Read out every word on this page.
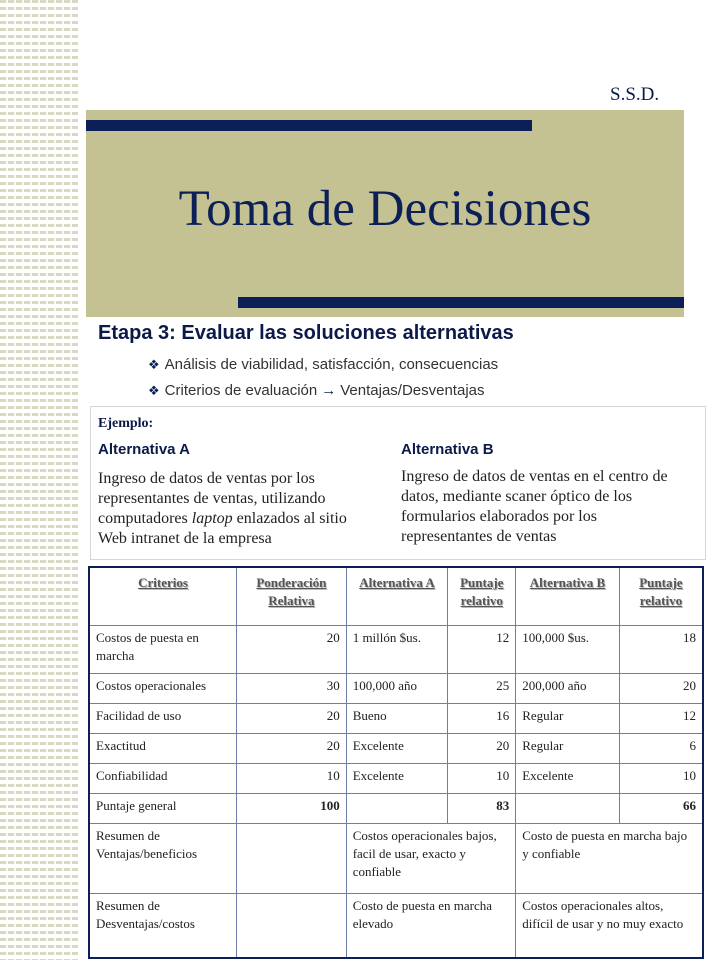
S.S.D.
Toma de Decisiones
Etapa 3: Evaluar las soluciones alternativas
❖ Análisis de viabilidad, satisfacción, consecuencias
❖ Criterios de evaluación → Ventajas/Desventajas
Ejemplo:
Alternativa A
Ingreso de datos de ventas por los representantes de ventas, utilizando computadores laptop enlazados al sitio Web intranet de la empresa
Alternativa B
Ingreso de datos de ventas en el centro de datos, mediante scaner óptico de los formularios elaborados por los representantes de ventas
Criterios	Ponderación Relativa	Alternativa A	Puntaje relativo	Alternativa B	Puntaje relativo
Costos de puesta en marcha	20	1 millón $us.	12	100,000 $us.	18
Costos operacionales	30	100,000 año	25	200,000 año	20
Facilidad de uso	20	Bueno	16	Regular	12
Exactitud	20	Excelente	20	Regular	6
Confiabilidad	10	Excelente	10	Excelente	10
Puntaje general	100		83		66
Resumen de Ventajas/beneficios		Costos operacionales bajos, facil de usar, exacto y confiable		Costo de puesta en marcha bajo y confiable	
Resumen de Desventajas/costos		Costo de puesta en marcha elevado		Costos operacionales altos, difícil de usar y no muy exacto	
